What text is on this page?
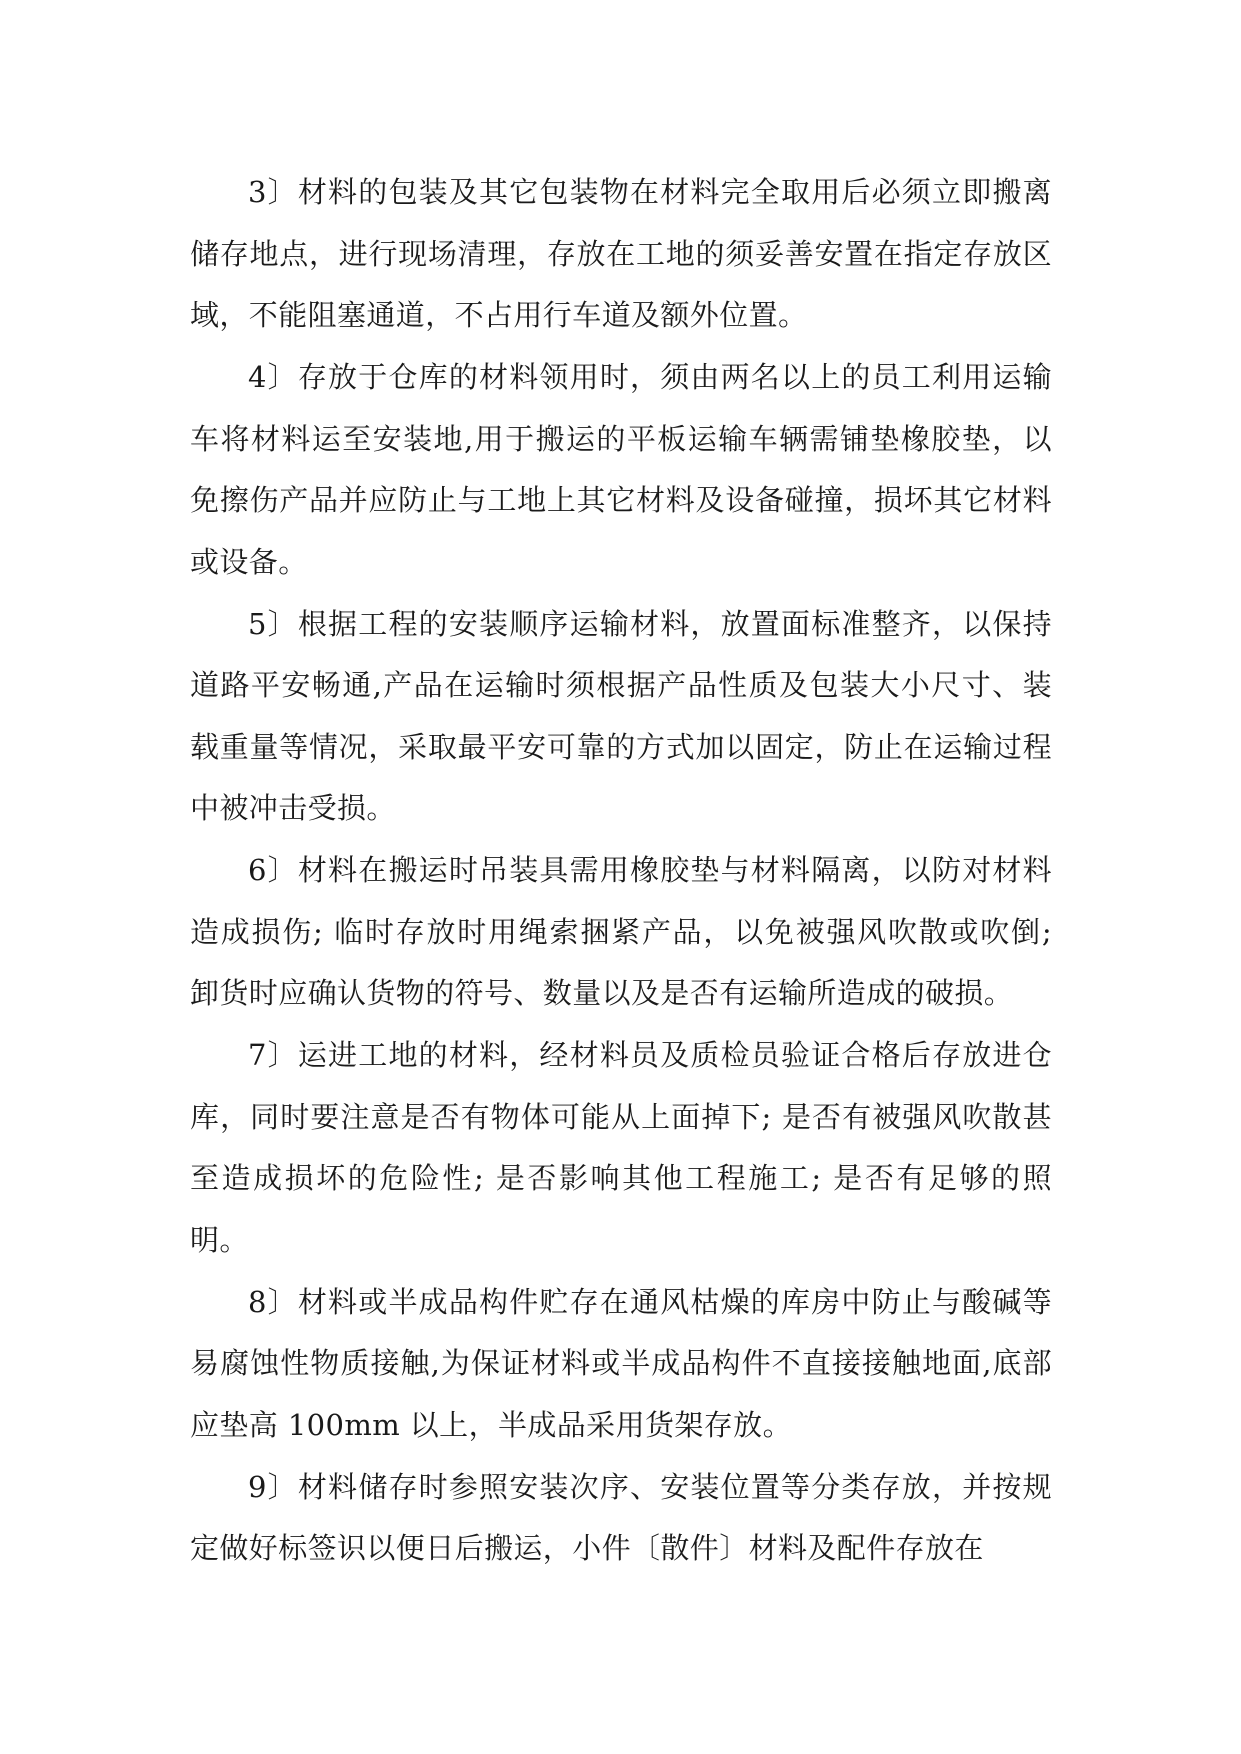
3〕材料的包装及其它包装物在材料完全取用后必须立即搬离储存地点，进行现场清理，存放在工地的须妥善安置在指定存放区域，不能阻塞通道，不占用行车道及额外位置。

4〕存放于仓库的材料领用时，须由两名以上的员工利用运输车将材料运至安装地,用于搬运的平板运输车辆需铺垫橡胶垫，以免擦伤产品并应防止与工地上其它材料及设备碰撞，损坏其它材料或设备。

5〕根据工程的安装顺序运输材料，放置面标准整齐，以保持道路平安畅通,产品在运输时须根据产品性质及包装大小尺寸、装载重量等情况，采取最平安可靠的方式加以固定，防止在运输过程中被冲击受损。

6〕材料在搬运时吊装具需用橡胶垫与材料隔离，以防对材料造成损伤; 临时存放时用绳索捆紧产品，以免被强风吹散或吹倒; 卸货时应确认货物的符号、数量以及是否有运输所造成的破损。

7〕运进工地的材料，经材料员及质检员验证合格后存放进仓库，同时要注意是否有物体可能从上面掉下; 是否有被强风吹散甚至造成损坏的危险性; 是否影响其他工程施工; 是否有足够的照明。

8〕材料或半成品构件贮存在通风枯燥的库房中防止与酸碱等易腐蚀性物质接触,为保证材料或半成品构件不直接接触地面,底部应垫高 100mm 以上，半成品采用货架存放。

9〕材料储存时参照安装次序、安装位置等分类存放，并按规定做好标签识以便日后搬运，小件〔散件〕材料及配件存放在
